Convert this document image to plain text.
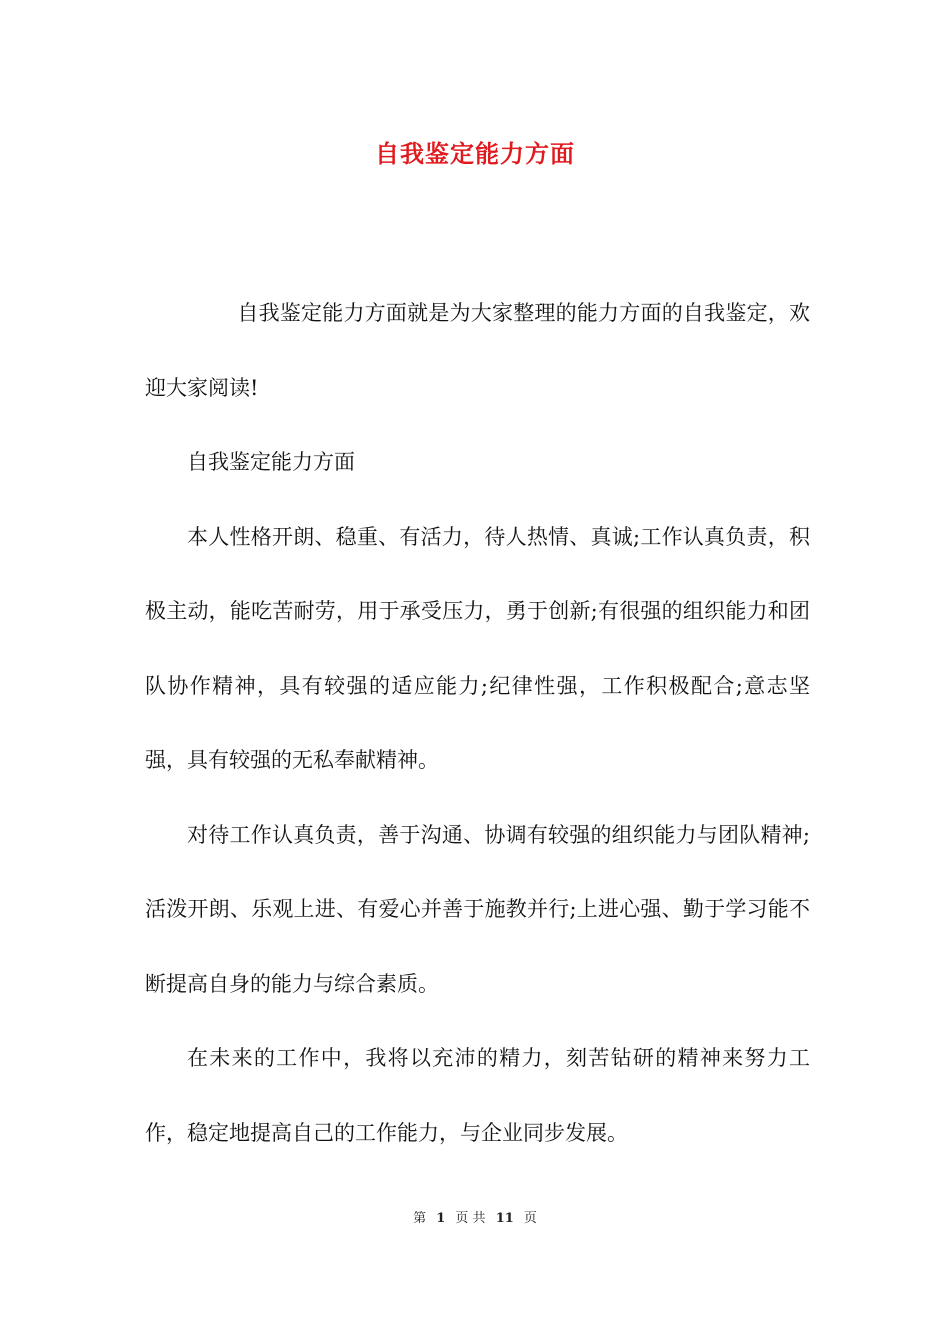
自我鉴定能力方面

自我鉴定能力方面就是为大家整理的能力方面的自我鉴定，欢迎大家阅读!

自我鉴定能力方面

本人性格开朗、稳重、有活力，待人热情、真诚;工作认真负责，积极主动，能吃苦耐劳，用于承受压力，勇于创新;有很强的组织能力和团队协作精神，具有较强的适应能力;纪律性强，工作积极配合;意志坚强，具有较强的无私奉献精神。

对待工作认真负责，善于沟通、协调有较强的组织能力与团队精神;活泼开朗、乐观上进、有爱心并善于施教并行;上进心强、勤于学习能不断提高自身的能力与综合素质。

在未来的工作中，我将以充沛的精力，刻苦钻研的精神来努力工作，稳定地提高自己的工作能力，与企业同步发展。

第 1 页 共 11 页
